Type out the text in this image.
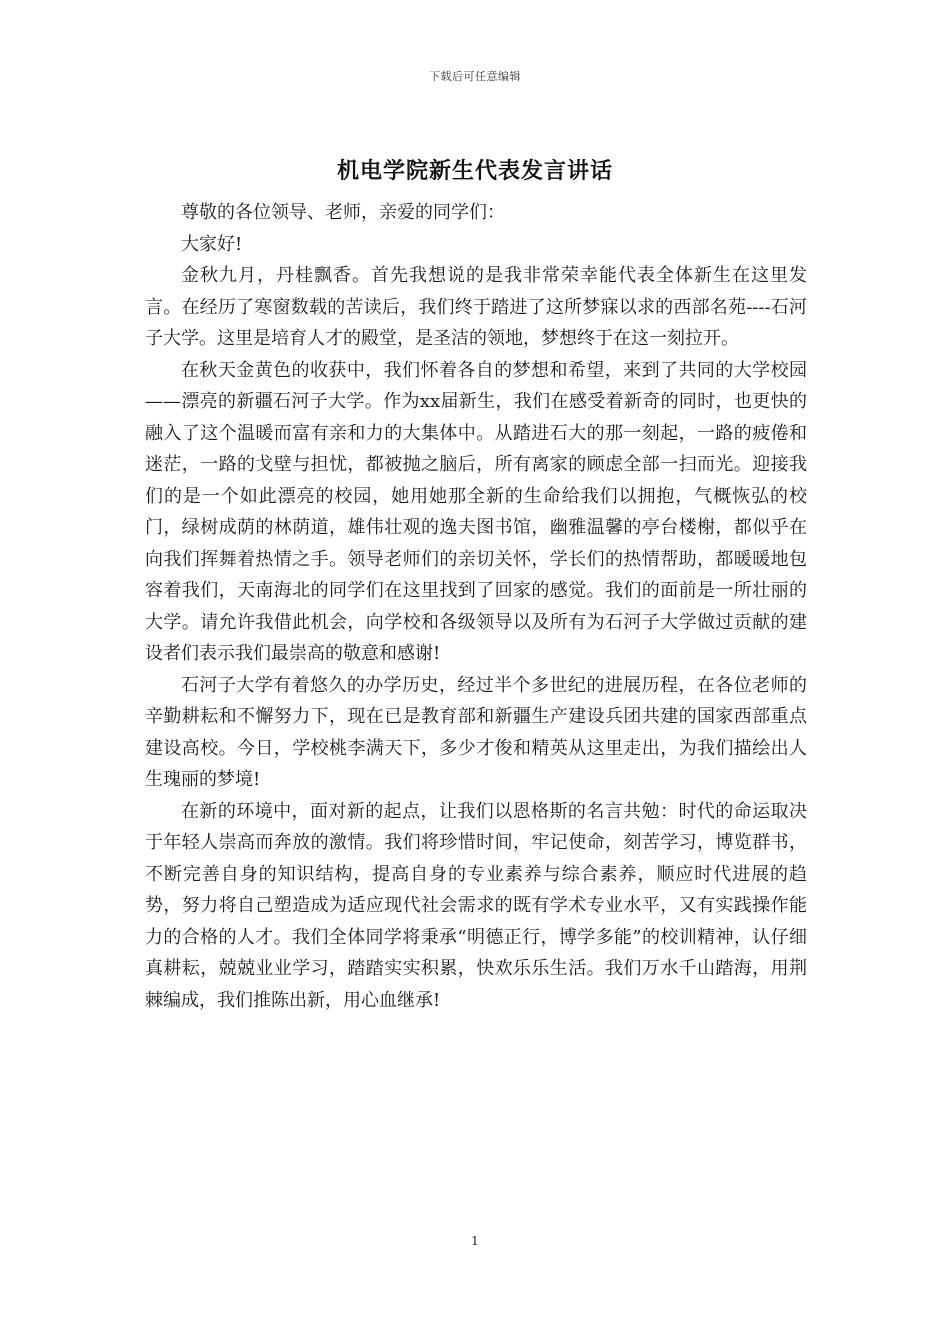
下载后可任意编辑
机电学院新生代表发言讲话

尊敬的各位领导、老师，亲爱的同学们：

大家好!

金秋九月，丹桂飘香。首先我想说的是我非常荣幸能代表全体新生在这里发言。在经历了寒窗数载的苦读后，我们终于踏进了这所梦寐以求的西部名苑----石河子大学。这里是培育人才的殿堂，是圣洁的领地，梦想终于在这一刻拉开。

在秋天金黄色的收获中，我们怀着各自的梦想和希望，来到了共同的大学校园——漂亮的新疆石河子大学。作为xx届新生，我们在感受着新奇的同时，也更快的融入了这个温暖而富有亲和力的大集体中。从踏进石大的那一刻起，一路的疲倦和迷茫，一路的戈壁与担忧，都被抛之脑后，所有离家的顾虑全部一扫而光。迎接我们的是一个如此漂亮的校园，她用她那全新的生命给我们以拥抱，气概恢弘的校门，绿树成荫的林荫道，雄伟壮观的逸夫图书馆，幽雅温馨的亭台楼榭，都似乎在向我们挥舞着热情之手。领导老师们的亲切关怀，学长们的热情帮助，都暖暖地包容着我们，天南海北的同学们在这里找到了回家的感觉。我们的面前是一所壮丽的大学。请允许我借此机会，向学校和各级领导以及所有为石河子大学做过贡献的建设者们表示我们最崇高的敬意和感谢!

石河子大学有着悠久的办学历史，经过半个多世纪的进展历程，在各位老师的辛勤耕耘和不懈努力下，现在已是教育部和新疆生产建设兵团共建的国家西部重点建设高校。今日，学校桃李满天下，多少才俊和精英从这里走出，为我们描绘出人生瑰丽的梦境!

在新的环境中，面对新的起点，让我们以恩格斯的名言共勉：时代的命运取决于年轻人崇高而奔放的激情。我们将珍惜时间，牢记使命，刻苦学习，博览群书，不断完善自身的知识结构，提高自身的专业素养与综合素养，顺应时代进展的趋势，努力将自己塑造成为适应现代社会需求的既有学术专业水平，又有实践操作能力的合格的人才。我们全体同学将秉承“明德正行，博学多能”的校训精神，认仔细真耕耘，兢兢业业学习，踏踏实实积累，快欢乐乐生活。我们万水千山踏海，用荆棘编成，我们推陈出新，用心血继承!

1
